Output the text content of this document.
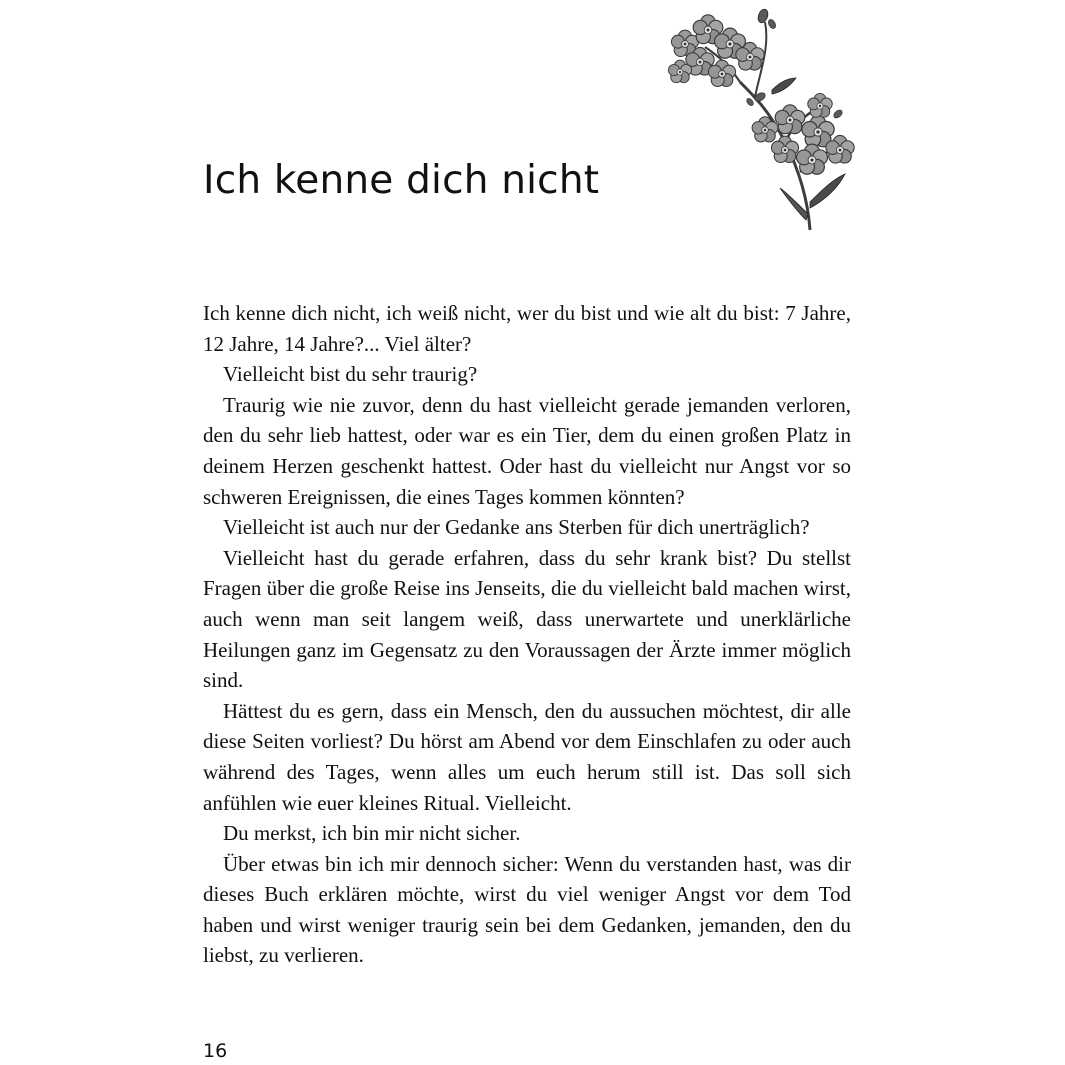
Ich kenne dich nicht

Ich kenne dich nicht, ich weiß nicht, wer du bist und wie alt du bist: 7 Jahre, 12 Jahre, 14 Jahre?... Viel älter?

Vielleicht bist du sehr traurig?

Traurig wie nie zuvor, denn du hast vielleicht gerade jemanden verloren, den du sehr lieb hattest, oder war es ein Tier, dem du einen großen Platz in deinem Herzen geschenkt hattest. Oder hast du vielleicht nur Angst vor so schweren Ereignissen, die eines Tages kommen könnten?

Vielleicht ist auch nur der Gedanke ans Sterben für dich unerträglich?

Vielleicht hast du gerade erfahren, dass du sehr krank bist? Du stellst Fragen über die große Reise ins Jenseits, die du vielleicht bald machen wirst, auch wenn man seit langem weiß, dass unerwartete und unerklärliche Heilungen ganz im Gegensatz zu den Voraussagen der Ärzte immer möglich sind.

Hättest du es gern, dass ein Mensch, den du aussuchen möchtest, dir alle diese Seiten vorliest? Du hörst am Abend vor dem Einschlafen zu oder auch während des Tages, wenn alles um euch herum still ist. Das soll sich anfühlen wie euer kleines Ritual. Vielleicht.

Du merkst, ich bin mir nicht sicher.

Über etwas bin ich mir dennoch sicher: Wenn du verstanden hast, was dir dieses Buch erklären möchte, wirst du viel weniger Angst vor dem Tod haben und wirst weniger traurig sein bei dem Gedanken, jemanden, den du liebst, zu verlieren.

16
